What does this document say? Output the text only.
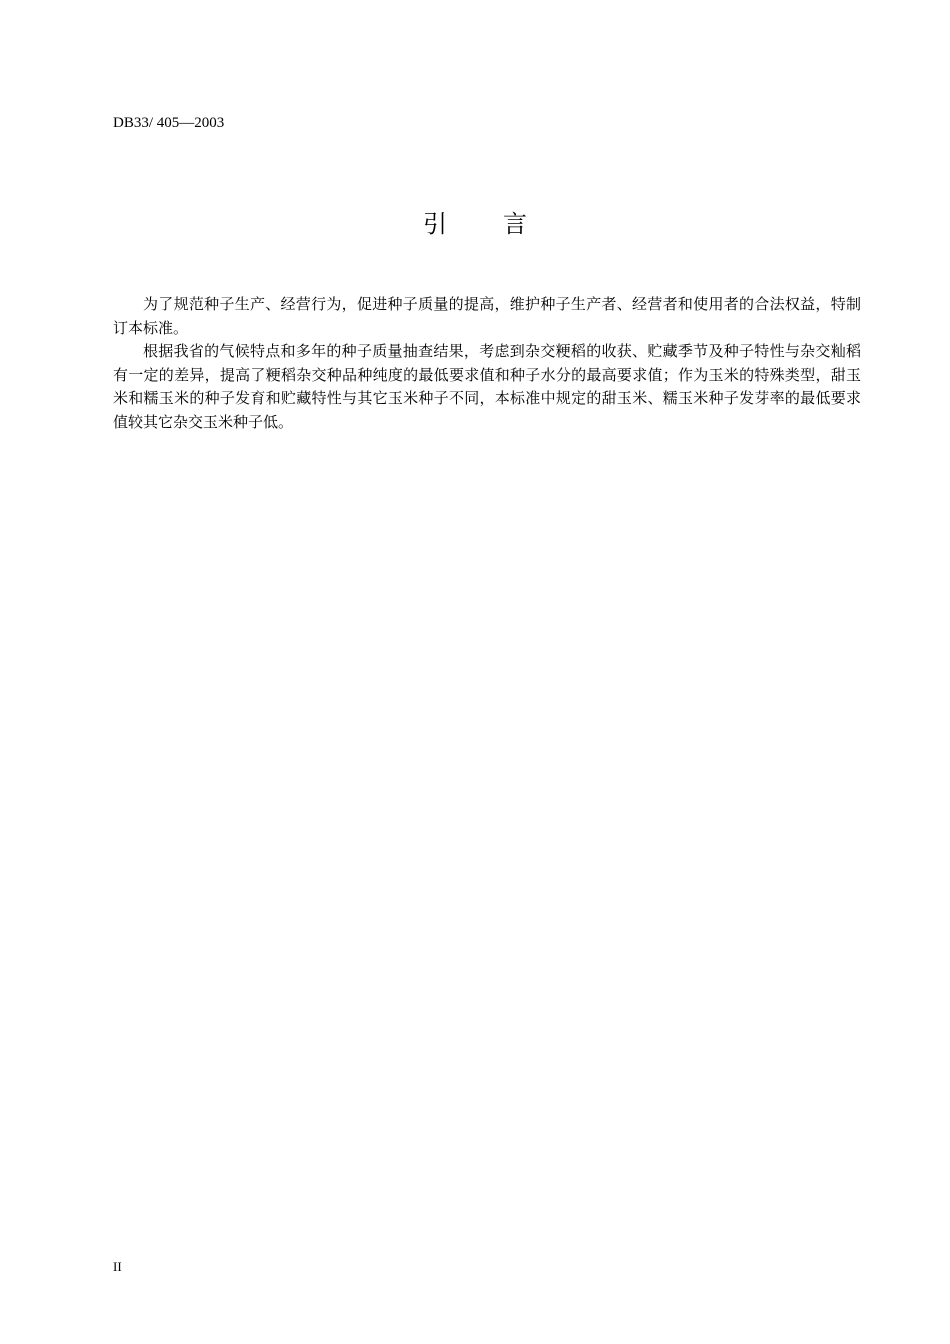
DB33/ 405—2003
引 言

为了规范种子生产、经营行为，促进种子质量的提高，维护种子生产者、经营者和使用者的合法权益，特制订本标准。

根据我省的气候特点和多年的种子质量抽查结果，考虑到杂交粳稻的收获、贮藏季节及种子特性与杂交籼稻有一定的差异，提高了粳稻杂交种品种纯度的最低要求值和种子水分的最高要求值；作为玉米的特殊类型，甜玉米和糯玉米的种子发育和贮藏特性与其它玉米种子不同，本标准中规定的甜玉米、糯玉米种子发芽率的最低要求值较其它杂交玉米种子低。

II
